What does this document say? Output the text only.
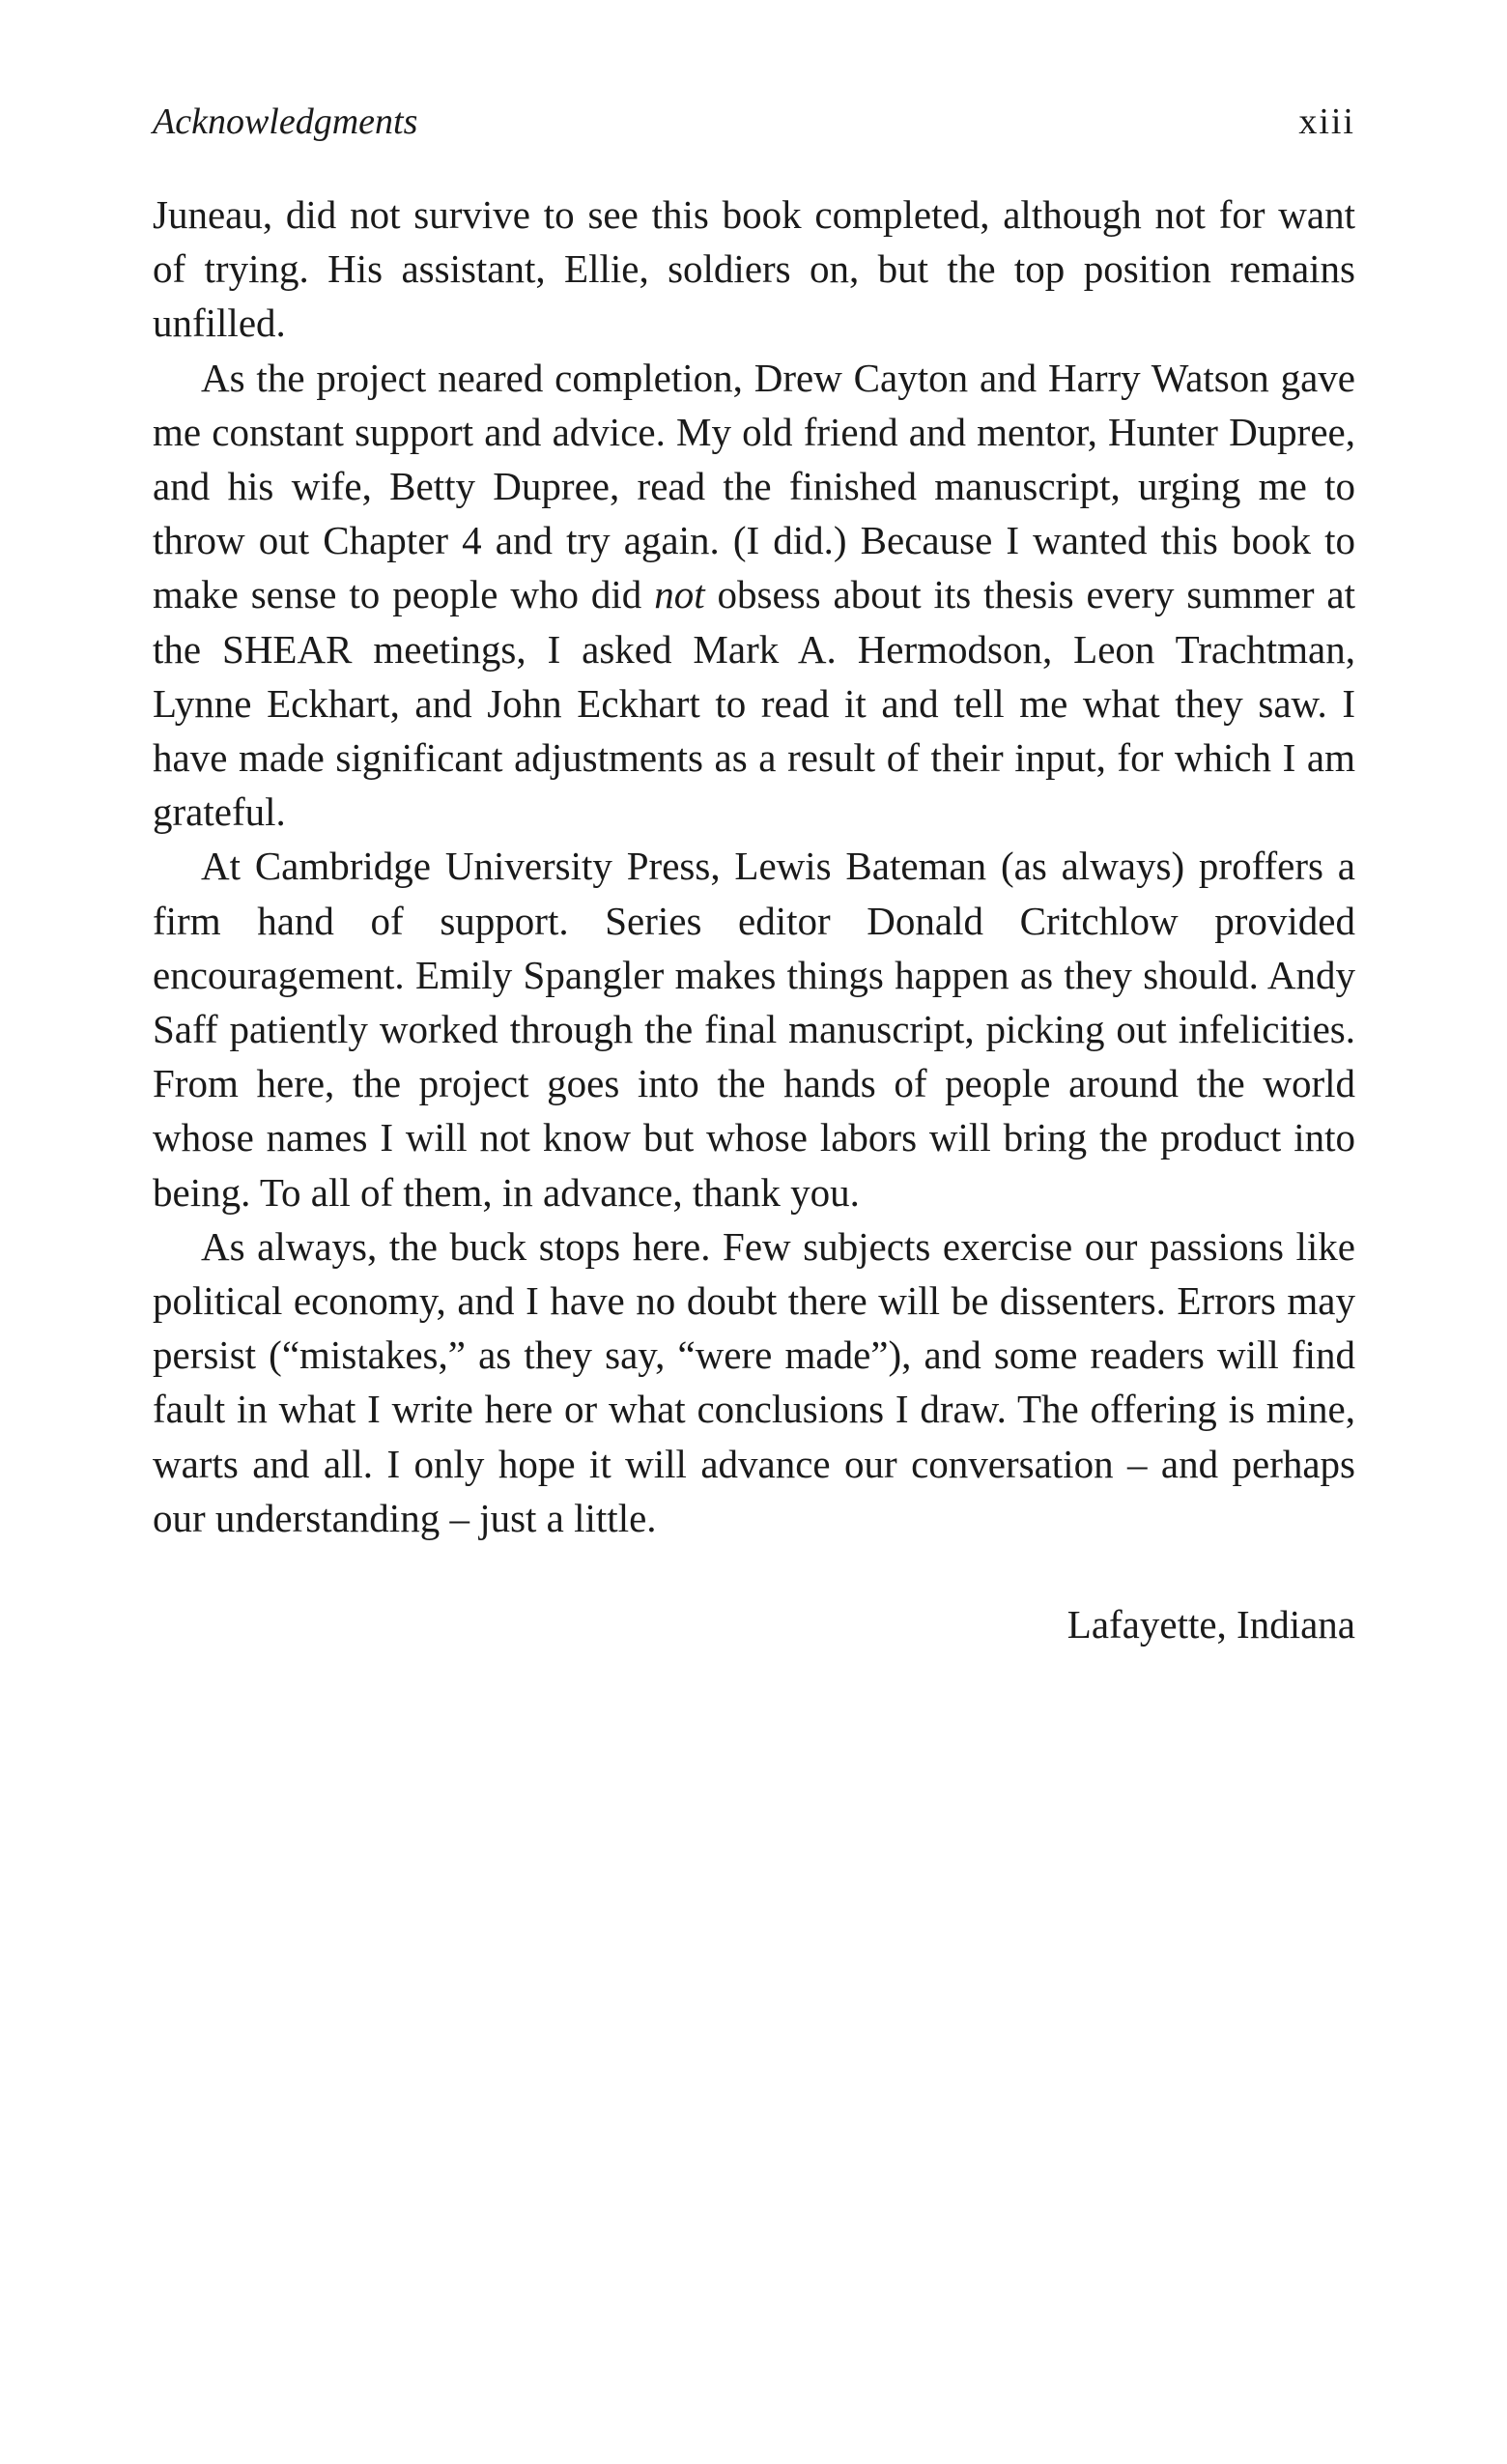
Acknowledgments	xiii

Juneau, did not survive to see this book completed, although not for want of trying. His assistant, Ellie, soldiers on, but the top position remains unfilled.

As the project neared completion, Drew Cayton and Harry Watson gave me constant support and advice. My old friend and mentor, Hunter Dupree, and his wife, Betty Dupree, read the finished manuscript, urging me to throw out Chapter 4 and try again. (I did.) Because I wanted this book to make sense to people who did not obsess about its thesis every summer at the SHEAR meetings, I asked Mark A. Hermodson, Leon Trachtman, Lynne Eckhart, and John Eckhart to read it and tell me what they saw. I have made significant adjustments as a result of their input, for which I am grateful.

At Cambridge University Press, Lewis Bateman (as always) proffers a firm hand of support. Series editor Donald Critchlow provided encouragement. Emily Spangler makes things happen as they should. Andy Saff patiently worked through the final manuscript, picking out infelicities. From here, the project goes into the hands of people around the world whose names I will not know but whose labors will bring the product into being. To all of them, in advance, thank you.

As always, the buck stops here. Few subjects exercise our passions like political economy, and I have no doubt there will be dissenters. Errors may persist (“mistakes,” as they say, “were made”), and some readers will find fault in what I write here or what conclusions I draw. The offering is mine, warts and all. I only hope it will advance our conversation – and perhaps our understanding – just a little.

Lafayette, Indiana
